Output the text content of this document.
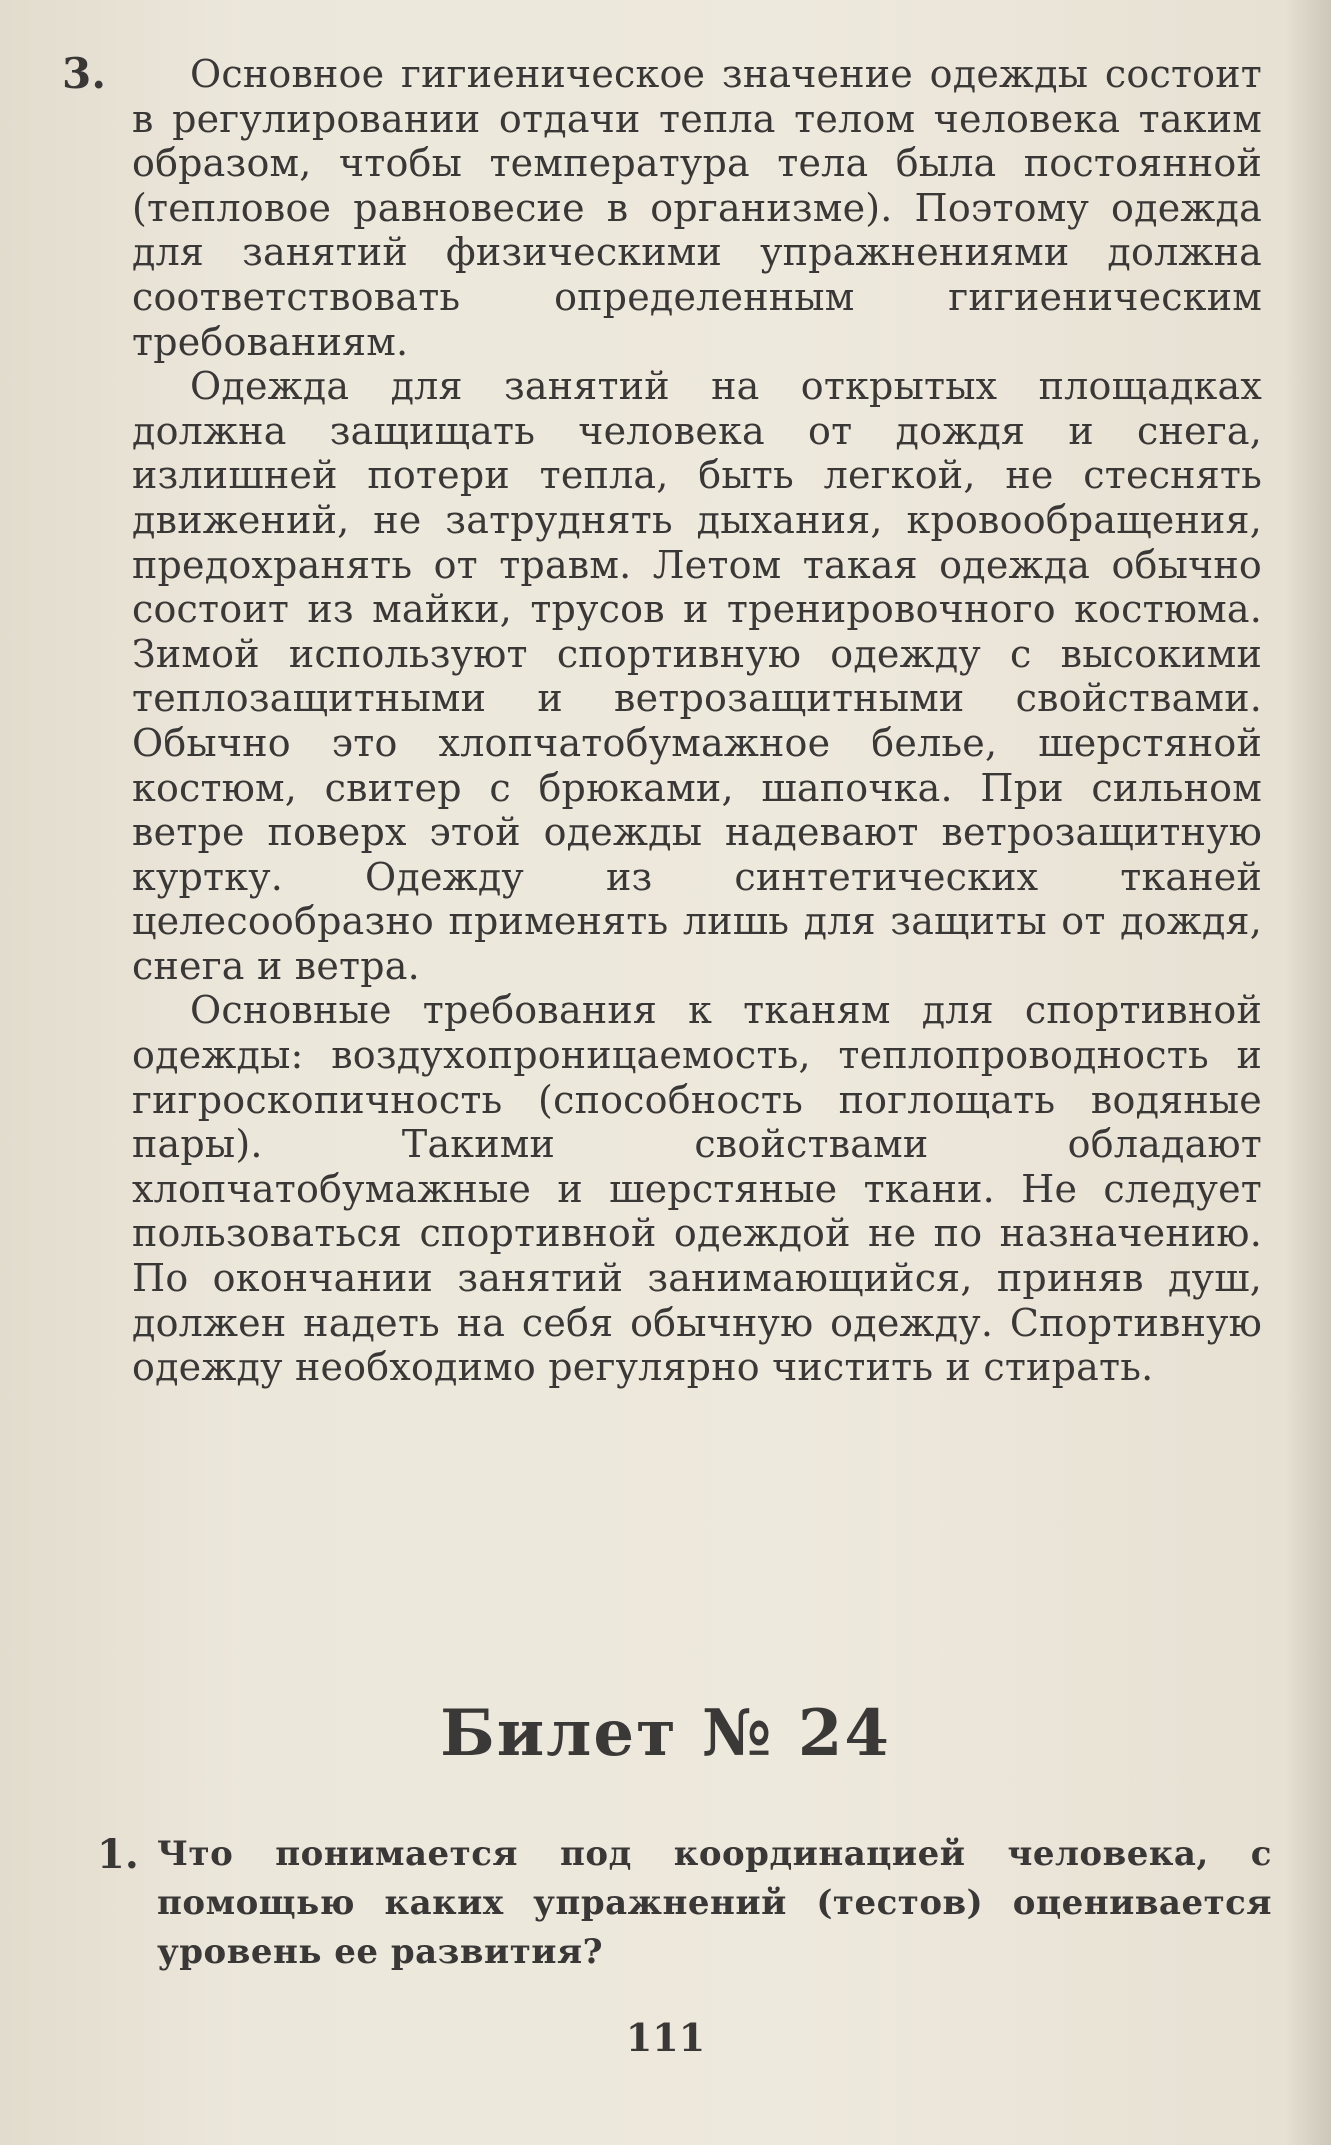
3.	Основное гигиеническое значение одежды состоит в регулировании отдачи тепла телом человека таким образом, чтобы температура тела была постоянной (тепловое равновесие в организме). Поэтому одежда для занятий физическими упражнениями должна соответствовать определенным гигиеническим требованиям.

Одежда для занятий на открытых площадках должна защищать человека от дождя и снега, излишней потери тепла, быть легкой, не стеснять движений, не затруднять дыхания, кровообращения, предохранять от травм. Летом такая одежда обычно состоит из майки, трусов и тренировочного костюма. Зимой используют спортивную одежду с высокими теплозащитными и ветрозащитными свойствами. Обычно это хлопчатобумажное белье, шерстяной костюм, свитер с брюками, шапочка. При сильном ветре поверх этой одежды надевают ветрозащитную куртку. Одежду из синтетических тканей целесообразно применять лишь для защиты от дождя, снега и ветра.

Основные требования к тканям для спортивной одежды: воздухопроницаемость, теплопроводность и гигроскопичность (способность поглощать водяные пары). Такими свойствами обладают хлопчатобумажные и шерстяные ткани. Не следует пользоваться спортивной одеждой не по назначению. По окончании занятий занимающийся, приняв душ, должен надеть на себя обычную одежду. Спортивную одежду необходимо регулярно чистить и стирать.

Билет № 24
1. Что понимается под координацией человека, с помощью каких упражнений (тестов) оценивается уровень ее развития?
111
